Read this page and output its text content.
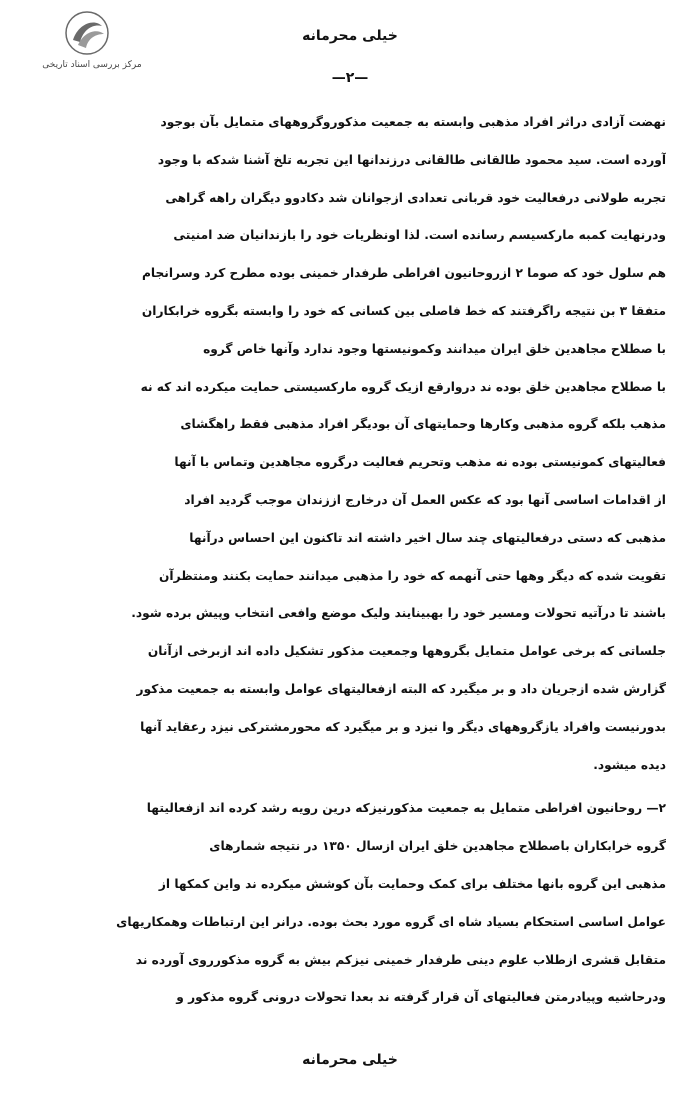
مرکز بررسی اسناد تاریخی
خیلی محرمانه
—۲—

نهضت آزادی دراثر افراد مذهبی وابسته به جمعیت مذکوروگروههای متمایل بآن بوجود

آورده است. سید محمود طالقانی طالقانی درزندانها این تجربه تلخ آشنا شدکه با وجود

تجربه طولانی درفعالیت خود قربانی تعدادی ازجوانان شد دکادوو دیگران راهه گراهی

ودرنهایت کمبه مارکسیسم رسانده است. لذا اونظریات خود را بازندانیان ضد امنیتی

هم سلول خود که صوما ۲ ازروحانیون افراطی طرفدار خمینی بوده مطرح کرد وسرانجام

متفقا ۳ بن نتیجه راگرفتند که خط فاصلی بین کسانی که خود را وابسته بگروه خرابکاران

با صطلاح مجاهدین خلق ایران میدانند وکمونیستها وجود ندارد وآنها خاص گروه

با صطلاح مجاهدین خلق بوده ند دروارقع ازیک گروه مارکسیستی حمایت میکرده اند که نه

مذهب بلکه گروه مذهبی وکارها وحمایتهای آن بودیگر افراد مذهبی فقط راهگشای

فعالیتهای کمونیستی بوده نه مذهب وتحریم فعالیت درگروه مجاهدین وتماس با آنها

از اقدامات اساسی آنها بود که عکس العمل آن درخارج اززندان موجب گردید افراد

مذهبی که دستی درفعالیتهای چند سال اخیر داشته اند تاکنون این احساس درآنها

تقویت شده که دیگر وهها حتی آنهمه که خود را مذهبی میدانند حمایت بکنند ومنتظرآن

باشند تا درآتیه تحولات ومسیر خود را بهبینایند ولیک موضع وافعی انتخاب وپیش برده شود.

جلساتی که برخی عوامل متمایل بگروهها وجمعیت مذکور تشکیل داده اند ازبرخی ازآنان

گزارش شده ازجریان داد و بر میگیرد که البته ازفعالیتهای عوامل وابسته به جمعیت مذکور

بدورنیست وافراد یازگروههای دیگر وا نیزد و بر میگیرد که محورمشترکی نیزد رعقاید آنها

دیده میشود.

۲— روحانیون افراطی متمایل به جمعیت مذکورنیزکه درین رویه رشد کرده اند ازفعالیتها

گروه خرابکاران باصطلاح مجاهدین خلق ایران ازسال ۱۳۵۰ در نتیجه شمارهای

مذهبی این گروه بانها مختلف برای کمک وحمایت بآن کوشش میکرده ند واین کمکها از

عوامل اساسی استحکام بسیاد شاه ای گروه مورد بحث بوده. درانر این ارتباطات وهمکاریهای

متقابل قشری ازطلاب علوم دینی طرفدار خمینی نیزکم بیش به گروه مذکورروی آورده ند

ودرحاشیه وپیادرمتن فعالیتهای آن قرار گرفته ند بعدا تحولات درونی گروه مذکور و

خیلی محرمانه
